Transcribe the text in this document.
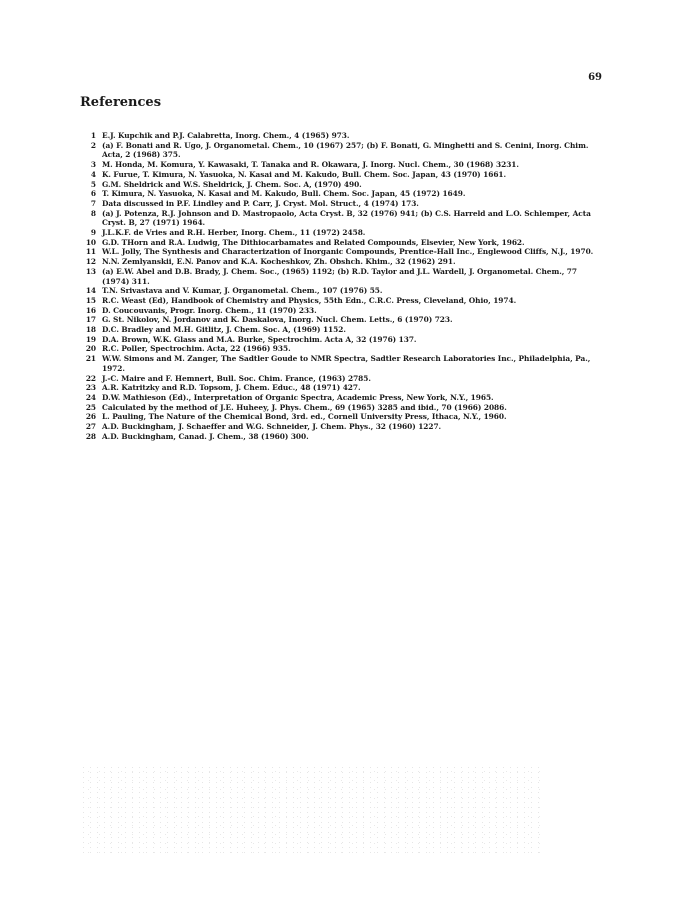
69
References
1 E.J. Kupchik and P.J. Calabretta, Inorg. Chem., 4 (1965) 973.
2 (a) F. Bonati and R. Ugo, J. Organometal. Chem., 10 (1967) 257; (b) F. Bonati, G. Minghetti and S. Cenini, Inorg. Chim. Acta, 2 (1968) 375.
3 M. Honda, M. Komura, Y. Kawasaki, T. Tanaka and R. Okawara, J. Inorg. Nucl. Chem., 30 (1968) 3231.
4 K. Furue, T. Kimura, N. Yasuoka, N. Kasai and M. Kakudo, Bull. Chem. Soc. Japan, 43 (1970) 1661.
5 G.M. Sheldrick and W.S. Sheldrick, J. Chem. Soc. A, (1970) 490.
6 T. Kimura, N. Yasuoka, N. Kasai and M. Kakudo, Bull. Chem. Soc. Japan, 45 (1972) 1649.
7 Data discussed in P.F. Lindley and P. Carr, J. Cryst. Mol. Struct., 4 (1974) 173.
8 (a) J. Potenza, R.J. Johnson and D. Mastropaolo, Acta Cryst. B, 32 (1976) 941; (b) C.S. Harreld and L.O. Schlemper, Acta Cryst. B, 27 (1971) 1964.
9 J.L.K.F. de Vries and R.H. Herber, Inorg. Chem., 11 (1972) 2458.
10 G.D. THorn and R.A. Ludwig, The Dithiocarbamates and Related Compounds, Elsevier, New York, 1962.
11 W.L. Jolly, The Synthesis and Characterization of Inorganic Compounds, Prentice-Hall Inc., Englewood Cliffs, N.J., 1970.
12 N.N. Zemlyanskii, E.N. Panov and K.A. Kocheshkov, Zh. Obshch. Khim., 32 (1962) 291.
13 (a) E.W. Abel and D.B. Brady, J. Chem. Soc., (1965) 1192; (b) R.D. Taylor and J.L. Wardell, J. Organometal. Chem., 77 (1974) 311.
14 T.N. Srivastava and V. Kumar, J. Organometal. Chem., 107 (1976) 55.
15 R.C. Weast (Ed), Handbook of Chemistry and Physics, 55th Edn., C.R.C. Press, Cleveland, Ohio, 1974.
16 D. Coucouvanis, Progr. Inorg. Chem., 11 (1970) 233.
17 G. St. Nikolov, N. Jordanov and K. Daskalova, Inorg. Nucl. Chem. Letts., 6 (1970) 723.
18 D.C. Bradley and M.H. Gitlitz, J. Chem. Soc. A, (1969) 1152.
19 D.A. Brown, W.K. Glass and M.A. Burke, Spectrochim. Acta A, 32 (1976) 137.
20 R.C. Poller, Spectrochim. Acta, 22 (1966) 935.
21 W.W. Simons and M. Zanger, The Sadtler Goude to NMR Spectra, Sadtler Research Laboratories Inc., Philadelphia, Pa., 1972.
22 J.-C. Maire and F. Hemnert, Bull. Soc. Chim. France, (1963) 2785.
23 A.R. Katritzky and R.D. Topsom, J. Chem. Educ., 48 (1971) 427.
24 D.W. Mathieson (Ed)., Interpretation of Organic Spectra, Academic Press, New York, N.Y., 1965.
25 Calculated by the method of J.E. Huheey, J. Phys. Chem., 69 (1965) 3285 and ibid., 70 (1966) 2086.
26 L. Pauling, The Nature of the Chemical Bond, 3rd. ed., Cornell University Press, Ithaca, N.Y., 1960.
27 A.D. Buckingham, J. Schaeffer and W.G. Schneider, J. Chem. Phys., 32 (1960) 1227.
28 A.D. Buckingham, Canad. J. Chem., 38 (1960) 300.
